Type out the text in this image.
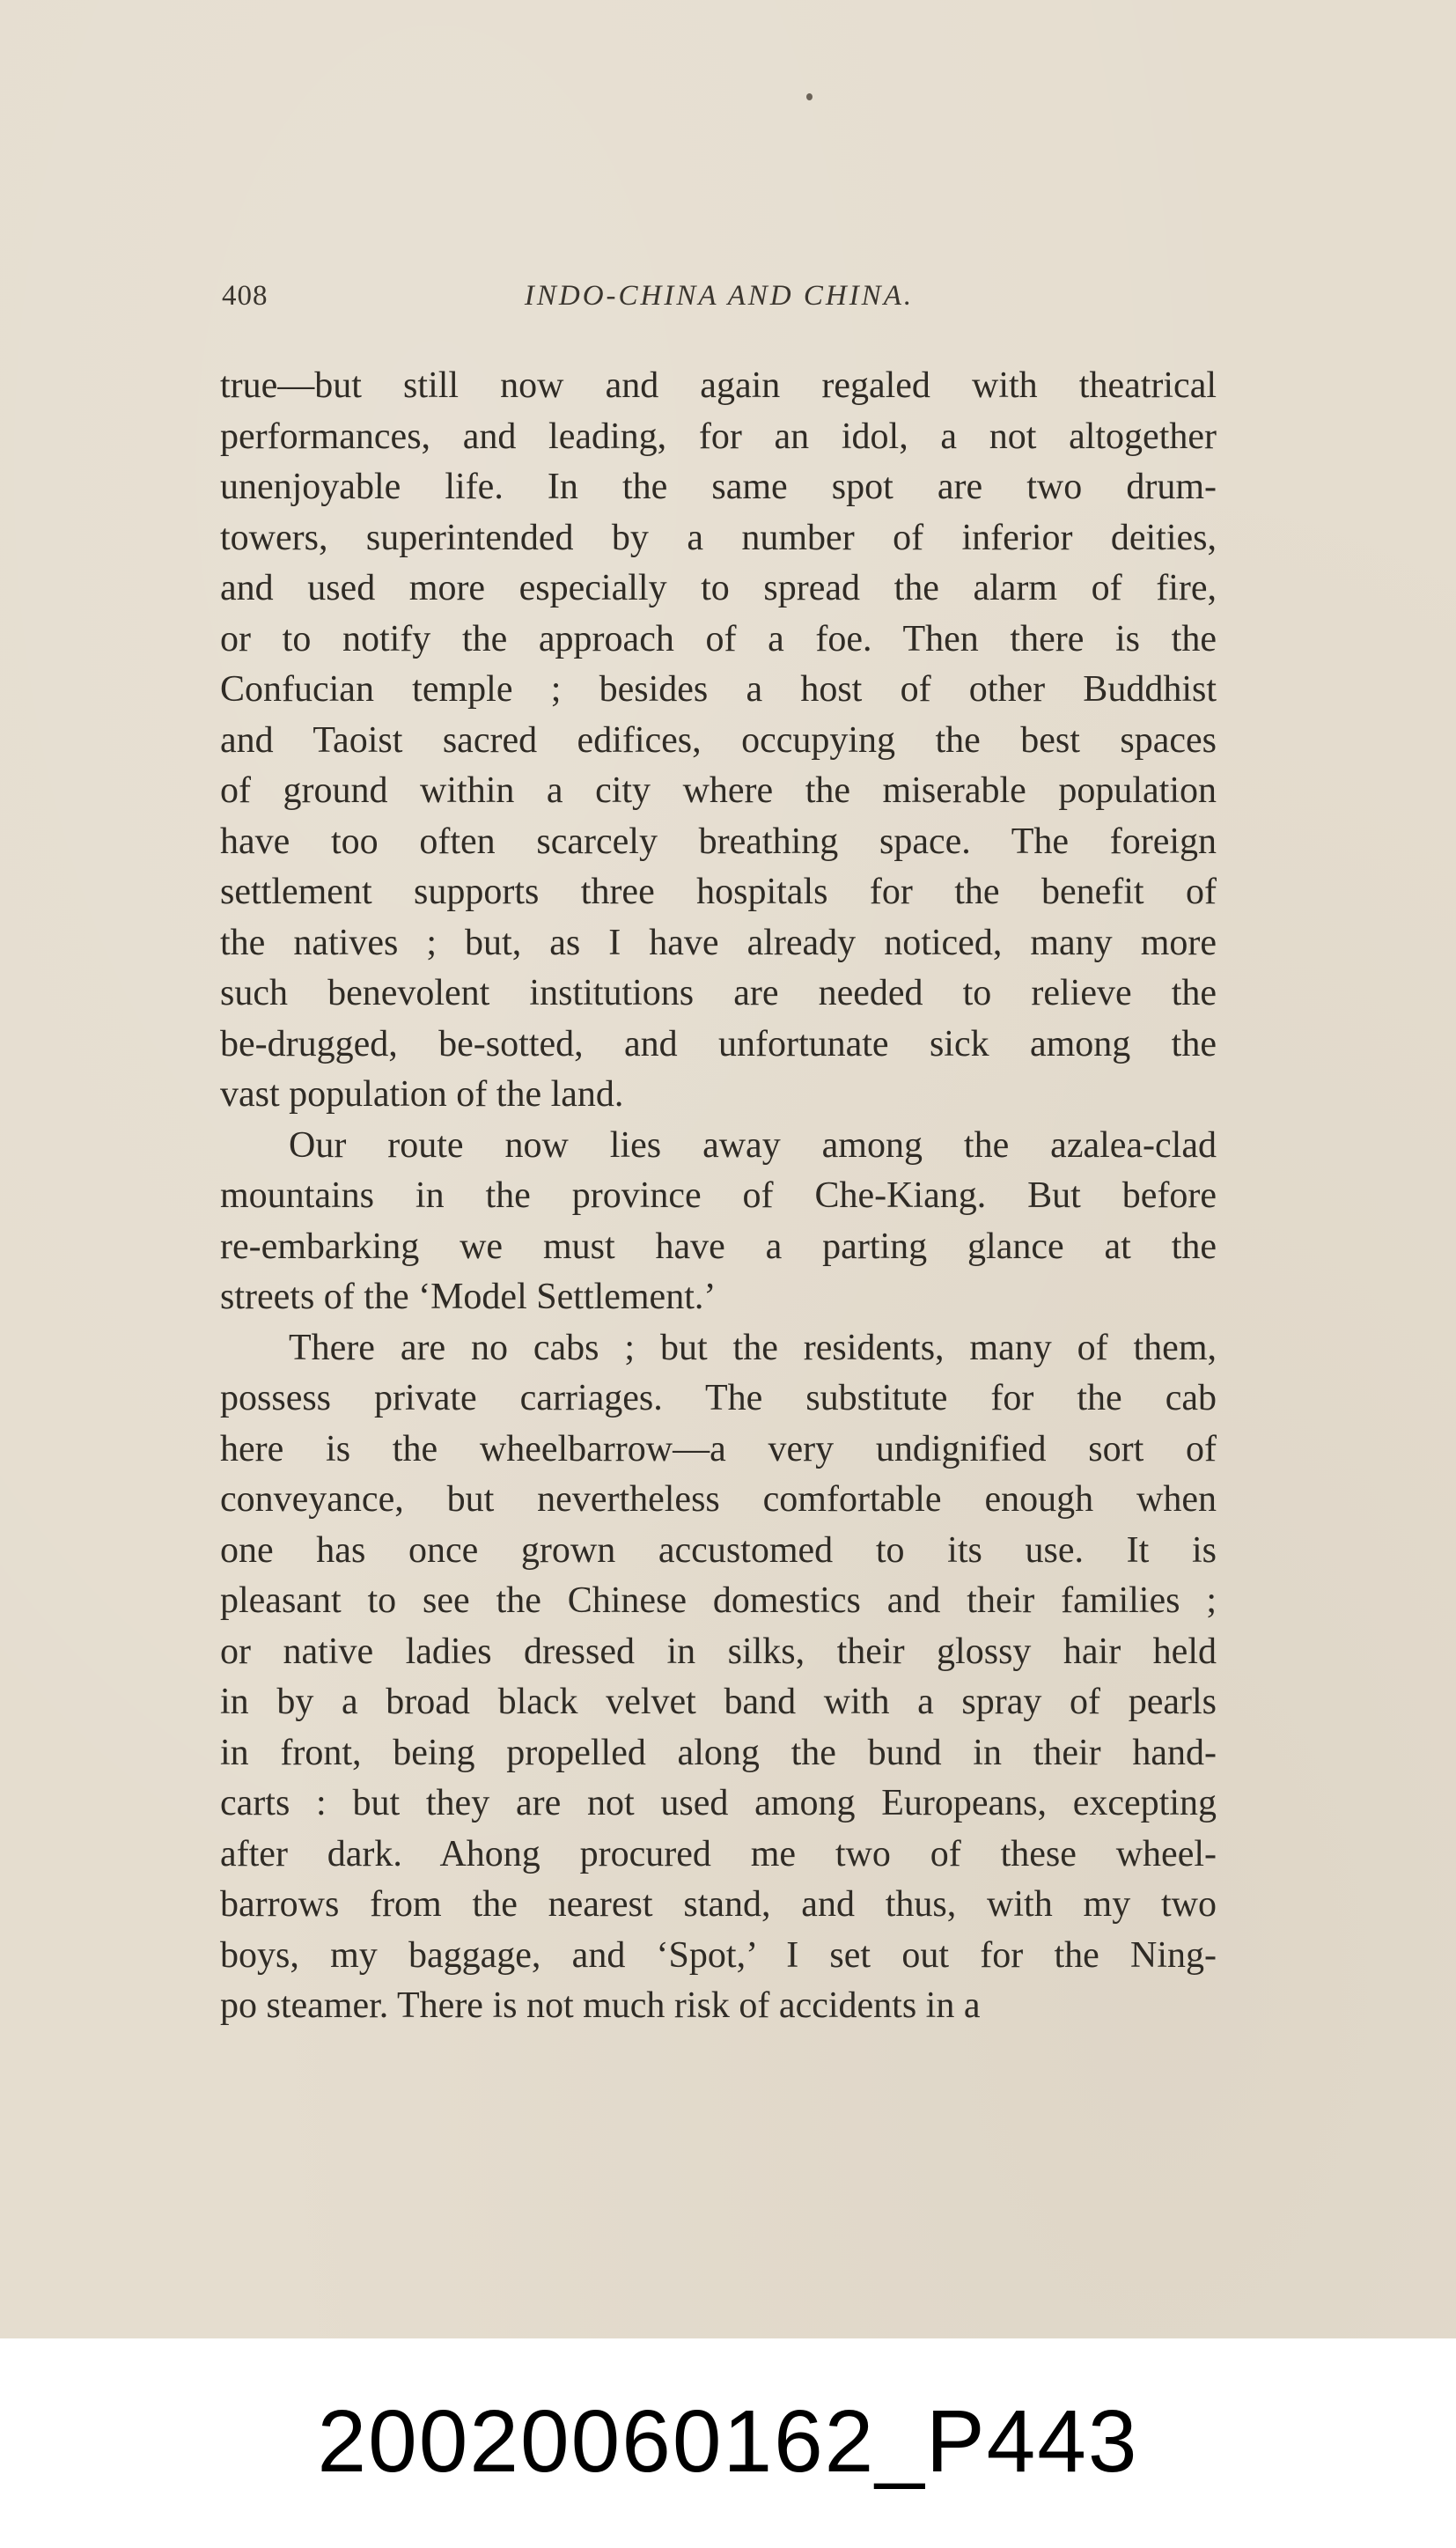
408	INDO-CHINA AND CHINA.
true—but still now and again regaled with theatrical
performances, and leading, for an idol, a not altogether
unenjoyable life. In the same spot are two drum-
towers, superintended by a number of inferior deities,
and used more especially to spread the alarm of fire,
or to notify the approach of a foe. Then there is the
Confucian temple ; besides a host of other Buddhist
and Taoist sacred edifices, occupying the best spaces
of ground within a city where the miserable population
have too often scarcely breathing space. The foreign
settlement supports three hospitals for the benefit of
the natives ; but, as I have already noticed, many more
such benevolent institutions are needed to relieve the
be-drugged, be-sotted, and unfortunate sick among the
vast population of the land.
Our route now lies away among the azalea-clad
mountains in the province of Che-Kiang. But before
re-embarking we must have a parting glance at the
streets of the ‘Model Settlement.’
There are no cabs ; but the residents, many of them,
possess private carriages. The substitute for the cab
here is the wheelbarrow—a very undignified sort of
conveyance, but nevertheless comfortable enough when
one has once grown accustomed to its use. It is
pleasant to see the Chinese domestics and their families ;
or native ladies dressed in silks, their glossy hair held
in by a broad black velvet band with a spray of pearls
in front, being propelled along the bund in their hand-
carts : but they are not used among Europeans, excepting
after dark. Ahong procured me two of these wheel-
barrows from the nearest stand, and thus, with my two
boys, my baggage, and ‘Spot,’ I set out for the Ning-
po steamer. There is not much risk of accidents in a
20020060162_P443
